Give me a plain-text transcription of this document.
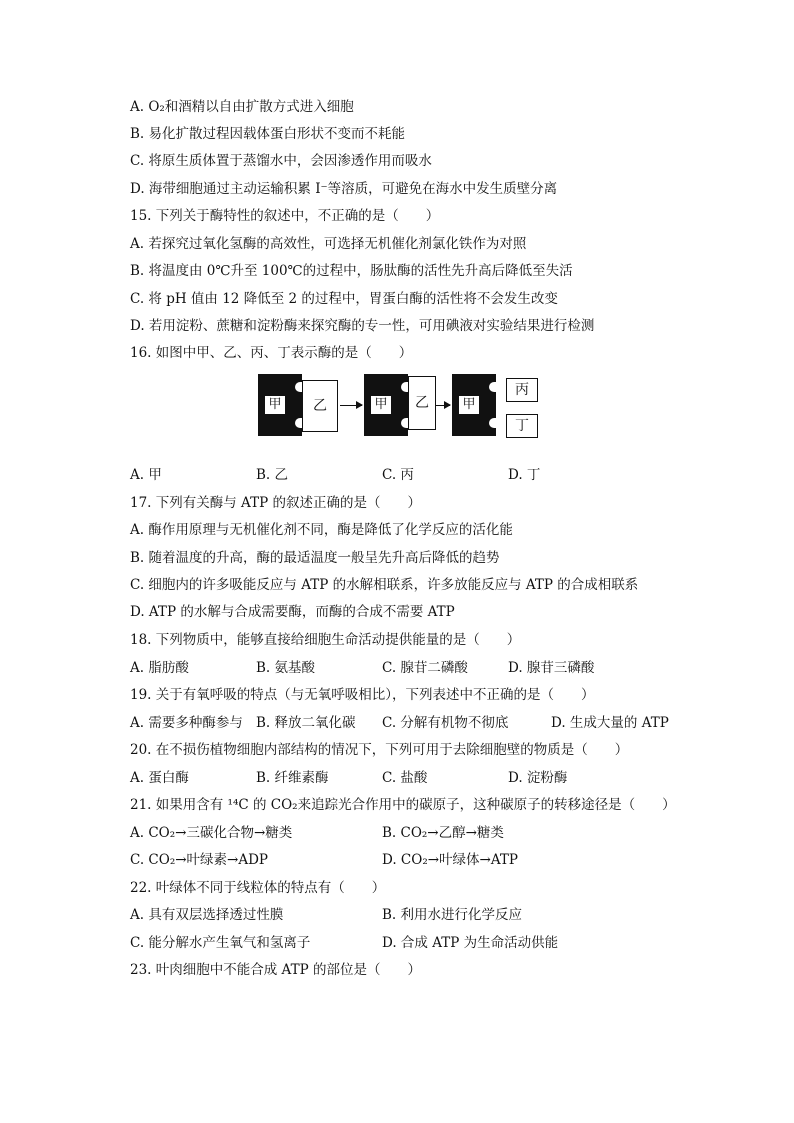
A. O₂和酒精以自由扩散方式进入细胞
B. 易化扩散过程因载体蛋白形状不变而不耗能
C. 将原生质体置于蒸馏水中，会因渗透作用而吸水
D. 海带细胞通过主动运输积累 I⁻等溶质，可避免在海水中发生质壁分离
15. 下列关于酶特性的叙述中，不正确的是（　　）
A. 若探究过氧化氢酶的高效性，可选择无机催化剂氯化铁作为对照
B. 将温度由 0℃升至 100℃的过程中，肠肽酶的活性先升高后降低至失活
C. 将 pH 值由 12 降低至 2 的过程中，胃蛋白酶的活性将不会发生改变
D. 若用淀粉、蔗糖和淀粉酶来探究酶的专一性，可用碘液对实验结果进行检测
16. 如图中甲、乙、丙、丁表示酶的是（　　）
甲	乙	甲	乙	甲
丙
丁
A. 甲	B. 乙	C. 丙	D. 丁
17. 下列有关酶与 ATP 的叙述正确的是（　　）
A. 酶作用原理与无机催化剂不同，酶是降低了化学反应的活化能
B. 随着温度的升高，酶的最适温度一般呈先升高后降低的趋势
C. 细胞内的许多吸能反应与 ATP 的水解相联系，许多放能反应与 ATP 的合成相联系
D. ATP 的水解与合成需要酶，而酶的合成不需要 ATP
18. 下列物质中，能够直接给细胞生命活动提供能量的是（　　）
A. 脂肪酸	B. 氨基酸	C. 腺苷二磷酸	D. 腺苷三磷酸
19. 关于有氧呼吸的特点（与无氧呼吸相比），下列表述中不正确的是（　　）
A. 需要多种酶参与 B. 释放二氧化碳 C. 分解有机物不彻底	D. 生成大量的 ATP
20. 在不损伤植物细胞内部结构的情况下，下列可用于去除细胞壁的物质是（　　）
A. 蛋白酶	B. 纤维素酶	C. 盐酸	D. 淀粉酶
21. 如果用含有 ¹⁴C 的 CO₂来追踪光合作用中的碳原子，这种碳原子的转移途径是（　　）
A. CO₂→三碳化合物→糖类	B. CO₂→乙醇→糖类
C. CO₂→叶绿素→ADP	D. CO₂→叶绿体→ATP
22. 叶绿体不同于线粒体的特点有（　　）
A. 具有双层选择透过性膜	B. 利用水进行化学反应
C. 能分解水产生氧气和氢离子	D. 合成 ATP 为生命活动供能
23. 叶肉细胞中不能合成 ATP 的部位是（　　）
